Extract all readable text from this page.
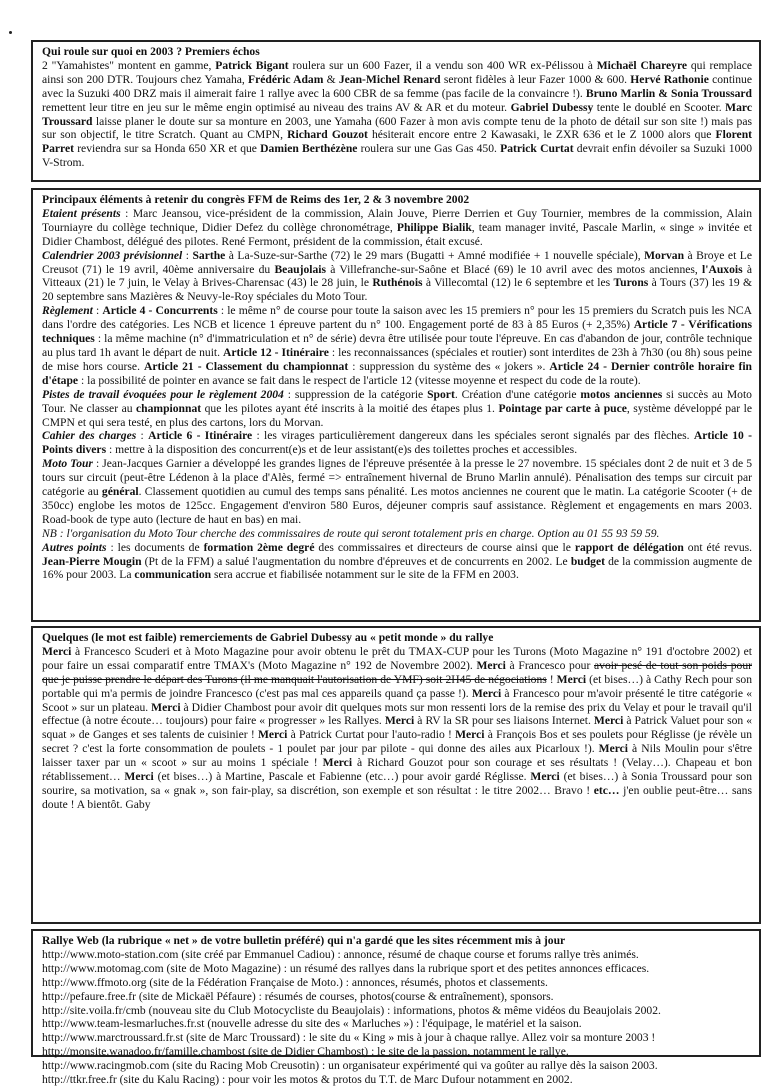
Qui roule sur quoi en 2003 ? Premiers échos

2 "Yamahistes" montent en gamme, Patrick Bigant roulera sur un 600 Fazer, il a vendu son 400 WR ex-Pélissou à Michaël Chareyre qui remplace ainsi son 200 DTR. Toujours chez Yamaha, Frédéric Adam & Jean-Michel Renard seront fidèles à leur Fazer 1000 & 600. Hervé Rathonie continue avec la Suzuki 400 DRZ mais il aimerait faire 1 rallye avec la 600 CBR de sa femme (pas facile de la convaincre !). Bruno Marlin & Sonia Troussard remettent leur titre en jeu sur le même engin optimisé au niveau des trains AV & AR et du moteur. Gabriel Dubessy tente le doublé en Scooter. Marc Troussard laisse planer le doute sur sa monture en 2003, une Yamaha (600 Fazer à mon avis compte tenu de la photo de détail sur son site !) mais pas sur son objectif, le titre Scratch. Quant au CMPN, Richard Gouzot hésiterait encore entre 2 Kawasaki, le ZXR 636 et le Z 1000 alors que Florent Parret reviendra sur sa Honda 650 XR et que Damien Berthézène roulera sur une Gas Gas 450. Patrick Curtat devrait enfin dévoiler sa Suzuki 1000 V-Strom.

Principaux éléments à retenir du congrès FFM de Reims des 1er, 2 & 3 novembre 2002

Etaient présents : Marc Jeansou, vice-président de la commission, Alain Jouve, Pierre Derrien et Guy Tournier, membres de la commission, Alain Tourniayre du collège technique, Didier Defez du collège chronométrage, Philippe Bialik, team manager invité, Pascale Marlin, « singe » invitée et Didier Chambost, délégué des pilotes. René Fermont, président de la commission, était excusé.

Calendrier 2003 prévisionnel : Sarthe à La-Suze-sur-Sarthe (72) le 29 mars (Bugatti + Amné modifiée + 1 nouvelle spéciale), Morvan à Broye et Le Creusot (71) le 19 avril, 40ème anniversaire du Beaujolais à Villefranche-sur-Saône et Blacé (69) le 10 avril avec des motos anciennes, l'Auxois à Vitteaux (21) le 7 juin, le Velay à Brives-Charensac (43) le 28 juin, le Ruthénois à Villecomtal (12) le 6 septembre et les Turons à Tours (37) les 19 & 20 septembre sans Mazières & Neuvy-le-Roy spéciales du Moto Tour.

Règlement : Article 4 - Concurrents : le même n° de course pour toute la saison avec les 15 premiers n° pour les 15 premiers du Scratch puis les NCA dans l'ordre des catégories. Les NCB et licence 1 épreuve partent du n° 100. Engagement porté de 83 à 85 Euros (+ 2,35%) Article 7 - Vérifications techniques : la même machine (n° d'immatriculation et n° de série) devra être utilisée pour toute l'épreuve. En cas d'abandon de jour, contrôle technique au plus tard 1h avant le départ de nuit. Article 12 - Itinéraire : les reconnaissances (spéciales et routier) sont interdites de 23h à 7h30 (ou 8h) sous peine de mise hors course. Article 21 - Classement du championnat : suppression du système des « jokers ». Article 24 - Dernier contrôle horaire fin d'étape : la possibilité de pointer en avance se fait dans le respect de l'article 12 (vitesse moyenne et respect du code de la route).

Pistes de travail évoquées pour le règlement 2004 : suppression de la catégorie Sport. Création d'une catégorie motos anciennes si succès au Moto Tour. Ne classer au championnat que les pilotes ayant été inscrits à la moitié des étapes plus 1. Pointage par carte à puce, système développé par le CMPN et qui sera testé, en plus des cartons, lors du Morvan.

Cahier des charges : Article 6 - Itinéraire : les virages particulièrement dangereux dans les spéciales seront signalés par des flèches. Article 10 - Points divers : mettre à la disposition des concurrent(e)s et de leur assistant(e)s des toilettes proches et accessibles.

Moto Tour : Jean-Jacques Garnier a développé les grandes lignes de l'épreuve présentée à la presse le 27 novembre. 15 spéciales dont 2 de nuit et 3 de 5 tours sur circuit (peut-être Lédenon à la place d'Alès, fermé => entraînement hivernal de Bruno Marlin annulé). Pénalisation des temps sur circuit par catégorie au général. Classement quotidien au cumul des temps sans pénalité. Les motos anciennes ne courent que le matin. La catégorie Scooter (+ de 350cc) englobe les motos de 125cc. Engagement d'environ 580 Euros, déjeuner compris sauf assistance. Règlement et engagements en mars 2003. Road-book de type auto (lecture de haut en bas) en mai.

NB : l'organisation du Moto Tour cherche des commissaires de route qui seront totalement pris en charge. Option au 01 55 93 59 59.

Autres points : les documents de formation 2ème degré des commissaires et directeurs de course ainsi que le rapport de délégation ont été revus. Jean-Pierre Mougin (Pt de la FFM) a salué l'augmentation du nombre d'épreuves et de concurrents en 2002. Le budget de la commission augmente de 16% pour 2003. La communication sera accrue et fiabilisée notamment sur le site de la FFM en 2003.

Quelques (le mot est faible) remerciements de Gabriel Dubessy au « petit monde » du rallye

Merci à Francesco Scuderi et à Moto Magazine pour avoir obtenu le prêt du TMAX-CUP pour les Turons (Moto Magazine n° 191 d'octobre 2002) et pour faire un essai comparatif entre TMAX's (Moto Magazine n° 192 de Novembre 2002). Merci à Francesco pour avoir pesé de tout son poids pour que je puisse prendre le départ des Turons (il me manquait l'autorisation de YMF) soit 2H45 de négociations ! Merci (et bises…) à Cathy Rech pour son portable qui m'a permis de joindre Francesco (c'est pas mal ces appareils quand ça passe !). Merci à Francesco pour m'avoir présenté le titre catégorie « Scoot » sur un plateau. Merci à Didier Chambost pour avoir dit quelques mots sur mon ressenti lors de la remise des prix du Velay et pour le travail qu'il effectue (à notre écoute… toujours) pour faire « progresser » les Rallyes. Merci à RV la SR pour ses liaisons Internet. Merci à Patrick Valuet pour son « squat » de Ganges et ses talents de cuisinier ! Merci à Patrick Curtat pour l'auto-radio ! Merci à François Bos et ses poulets pour Réglisse (je révèle un secret ? c'est la forte consommation de poulets - 1 poulet par jour par pilote - qui donne des ailes aux Picarloux !). Merci à Nils Moulin pour s'être laisser taxer par un « scoot » sur au moins 1 spéciale ! Merci à Richard Gouzot pour son courage et ses résultats ! (Velay…). Chapeau et bon rétablissement… Merci (et bises…) à Martine, Pascale et Fabienne (etc…) pour avoir gardé Réglisse. Merci (et bises…) à Sonia Troussard pour son sourire, sa motivation, sa « gnak », son fair-play, sa discrétion, son exemple et son résultat : le titre 2002… Bravo ! etc… j'en oublie peut-être… sans doute ! A bientôt. Gaby

Rallye Web (la rubrique « net » de votre bulletin préféré) qui n'a gardé que les sites récemment mis à jour

http://www.moto-station.com (site créé par Emmanuel Cadiou) : annonce, résumé de chaque course et forums rallye très animés.

http://www.motomag.com (site de Moto Magazine) : un résumé des rallyes dans la rubrique sport et des petites annonces efficaces.

http://www.ffmoto.org (site de la Fédération Française de Moto.) : annonces, résumés, photos et classements.

http://pefaure.free.fr (site de Mickaël Péfaure) : résumés de courses, photos(course & entraînement), sponsors.

http://site.voila.fr/cmb (nouveau site du Club Motocycliste du Beaujolais) : informations, photos & même vidéos du Beaujolais 2002.

http://www.team-lesmarluches.fr.st (nouvelle adresse du site des « Marluches ») : l'équipage, le matériel et la saison.

http://www.marctroussard.fr.st (site de Marc Troussard) : le site du « King » mis à jour à chaque rallye. Allez voir sa monture 2003 !

http://monsite.wanadoo.fr/famille.chambost (site de Didier Chambost) : le site de la passion, notamment le rallye.

http://www.racingmob.com (site du Racing Mob Creusotin) : un organisateur expérimenté qui va goûter au rallye dès la saison 2003.

http://ttkr.free.fr (site du Kalu Racing) : pour voir les motos & protos du T.T. de Marc Dufour notamment en 2002.
